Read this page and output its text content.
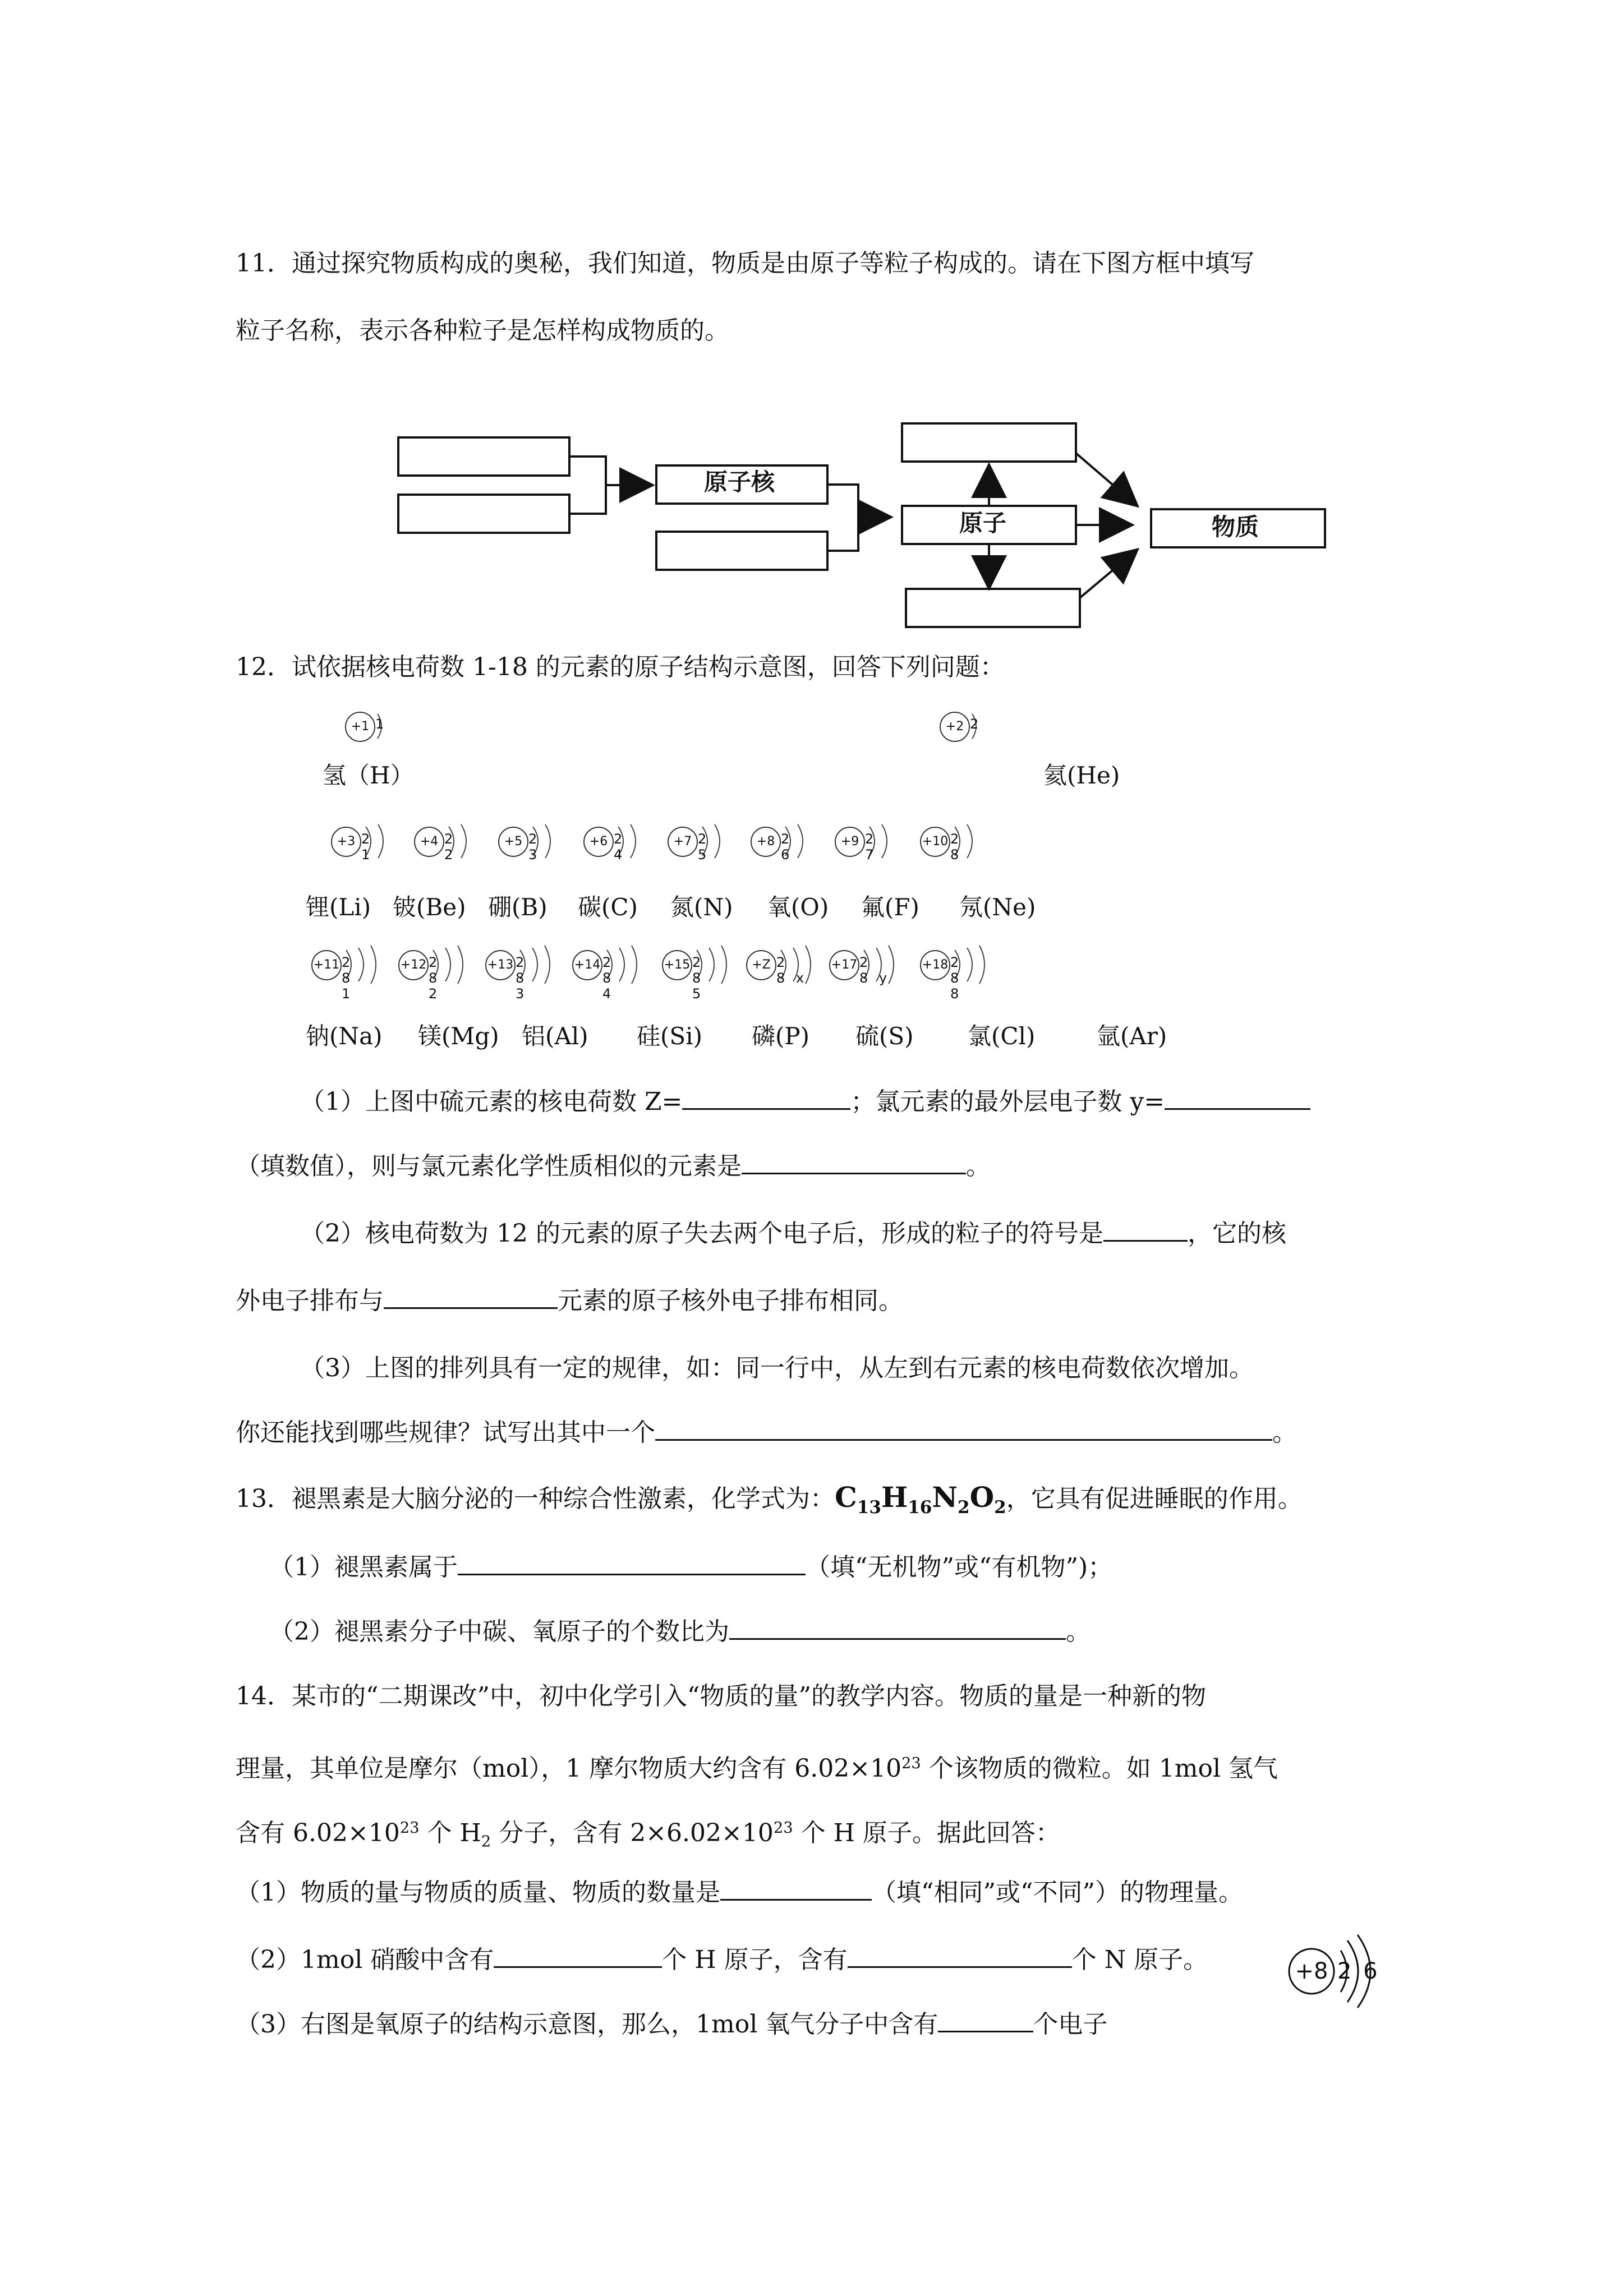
11．通过探究物质构成的奥秘，我们知道，物质是由原子等粒子构成的。请在下图方框中填写
粒子名称，表示各种粒子是怎样构成物质的。
原子核
原子	物质
12．试依据核电荷数 1-18 的元素的原子结构示意图，回答下列问题：
+1 1	+2 2
氢（H）	氦(He)
+3 2 1
+4 2 2
+5 2 3
+6 2 4
+7 2 5
+8 2 6
+9 2 7
+10 2 8
锂(Li) 铍(Be) 硼(B) 碳(C) 氮(N) 氧(O) 氟(F) 氖(Ne)
+11 2 8 1
+12 2 8 2
+13 2 8 3
+14 2 8 4
+15 2 8 5
+Z 2 8 x
+17 2 8 y
+18 2 8 8
钠(Na) 镁(Mg) 铝(Al) 硅(Si) 磷(P) 硫(S) 氯(Cl)	氩(Ar)
（1）上图中硫元素的核电荷数 Z=	；氯元素的最外层电子数 y=
（填数值），则与氯元素化学性质相似的元素是	。
（2）核电荷数为 12 的元素的原子失去两个电子后，形成的粒子的符号是	，它的核
外电子排布与	元素的原子核外电子排布相同。
（3）上图的排列具有一定的规律，如：同一行中，从左到右元素的核电荷数依次增加。
你还能找到哪些规律？试写出其中一个	。
13．褪黑素是大脑分泌的一种综合性激素，化学式为：$C_{13}H_{16}N_2O_2$，它具有促进睡眠的作用。
（1）褪黑素属于	（填“无机物”或“有机物”)；
（2）褪黑素分子中碳、氧原子的个数比为	。
14．某市的“二期课改”中，初中化学引入“物质的量”的教学内容。物质的量是一种新的物
理量，其单位是摩尔（mol），1 摩尔物质大约含有 $6.02\times 10^{23}$ 个该物质的微粒。如 1mol 氢气
含有 $6.02\times 10^{23}$ 个 $H_2$ 分子，含有 $2\times 6.02\times 10^{23}$ 个 H 原子。据此回答：
（1）物质的量与物质的质量、物质的数量是	（填“相同”或“不同”）的物理量。
（2）1mol 硝酸中含有	个 H 原子，含有	个 N 原子。
（3）右图是氧原子的结构示意图，那么，1mol 氧气分子中含有	个电子
+8 2 6
